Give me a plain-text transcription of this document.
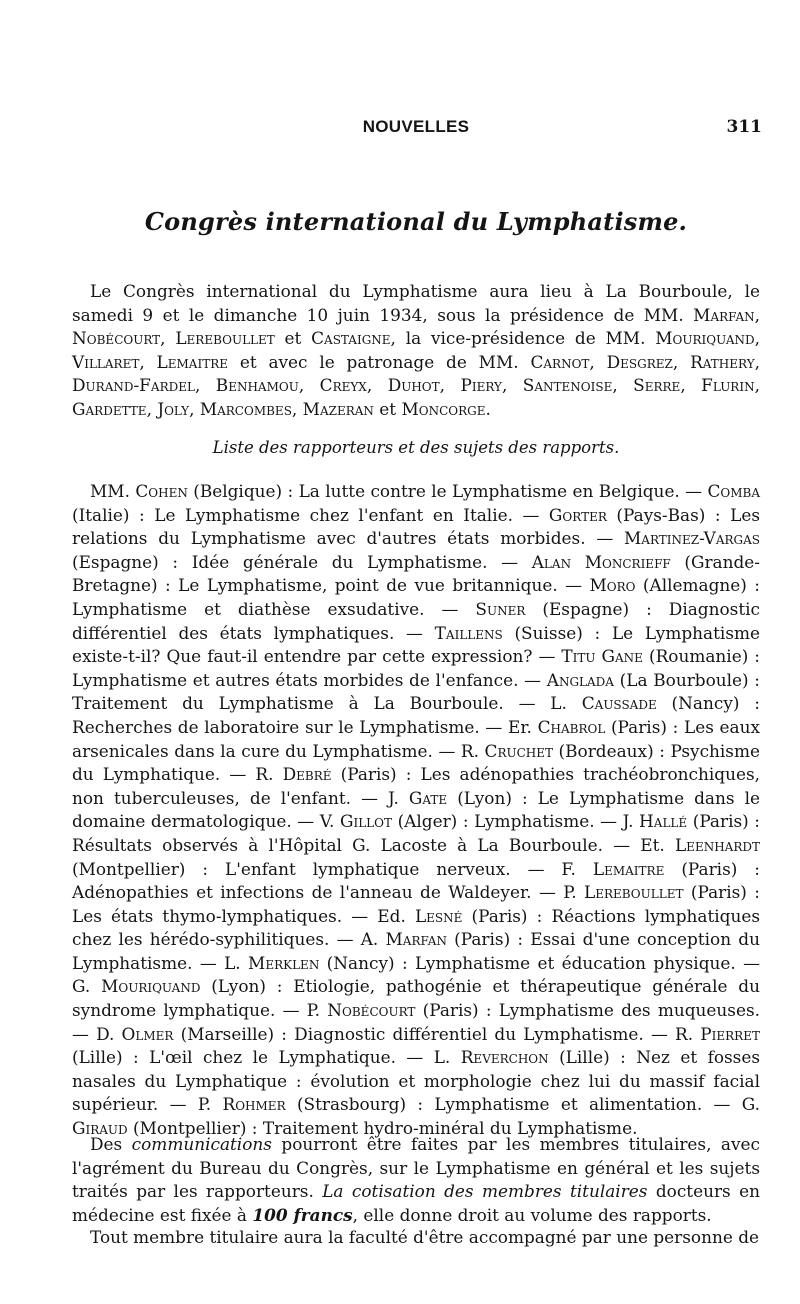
NOUVELLES	311
Congrès international du Lymphatisme.

Le Congrès international du Lymphatisme aura lieu à La Bourboule, le samedi 9 et le dimanche 10 juin 1934, sous la présidence de MM. Marfan, Nobécourt, Lereboullet et Castaigne, la vice-présidence de MM. Mouriquand, Villaret, Lemaitre et avec le patronage de MM. Carnot, Desgrez, Rathery, Durand-Fardel, Benhamou, Creyx, Duhot, Piery, Santenoise, Serre, Flurin, Gardette, Joly, Marcombes, Mazeran et Moncorge.

Liste des rapporteurs et des sujets des rapports.

MM. Cohen (Belgique) : La lutte contre le Lymphatisme en Belgique. — Comba (Italie) : Le Lymphatisme chez l'enfant en Italie. — Gorter (Pays-Bas) : Les relations du Lymphatisme avec d'autres états morbides. — Martinez-Vargas (Espagne) : Idée générale du Lymphatisme. — Alan Moncrieff (Grande-Bretagne) : Le Lymphatisme, point de vue britannique. — Moro (Allemagne) : Lymphatisme et diathèse exsudative. — Suner (Espagne) : Diagnostic différentiel des états lymphatiques. — Taillens (Suisse) : Le Lymphatisme existe-t-il? Que faut-il entendre par cette expression? — Titu Gane (Roumanie) : Lymphatisme et autres états morbides de l'enfance. — Anglada (La Bourboule) : Traitement du Lymphatisme à La Bourboule. — L. Caussade (Nancy) : Recherches de laboratoire sur le Lymphatisme. — Er. Chabrol (Paris) : Les eaux arsenicales dans la cure du Lymphatisme. — R. Cruchet (Bordeaux) : Psychisme du Lymphatique. — R. Debré (Paris) : Les adénopathies trachéobronchiques, non tuberculeuses, de l'enfant. — J. Gate (Lyon) : Le Lymphatisme dans le domaine dermatologique. — V. Gillot (Alger) : Lymphatisme. — J. Hallé (Paris) : Résultats observés à l'Hôpital G. Lacoste à La Bourboule. — Et. Leenhardt (Montpellier) : L'enfant lymphatique nerveux. — F. Lemaitre (Paris) : Adénopathies et infections de l'anneau de Waldeyer. — P. Lereboullet (Paris) : Les états thymo-lymphatiques. — Ed. Lesné (Paris) : Réactions lymphatiques chez les hérédo-syphilitiques. — A. Marfan (Paris) : Essai d'une conception du Lymphatisme. — L. Merklen (Nancy) : Lymphatisme et éducation physique. — G. Mouriquand (Lyon) : Etiologie, pathogénie et thérapeutique générale du syndrome lymphatique. — P. Nobécourt (Paris) : Lymphatisme des muqueuses. — D. Olmer (Marseille) : Diagnostic différentiel du Lymphatisme. — R. Pierret (Lille) : L'œil chez le Lymphatique. — L. Reverchon (Lille) : Nez et fosses nasales du Lymphatique : évolution et morphologie chez lui du massif facial supérieur. — P. Rohmer (Strasbourg) : Lymphatisme et alimentation. — G. Giraud (Montpellier) : Traitement hydro-minéral du Lymphatisme.

Des communications pourront être faites par les membres titulaires, avec l'agrément du Bureau du Congrès, sur le Lymphatisme en général et les sujets traités par les rapporteurs. La cotisation des membres titulaires docteurs en médecine est fixée à 100 francs, elle donne droit au volume des rapports.

Tout membre titulaire aura la faculté d'être accompagné par une personne de
